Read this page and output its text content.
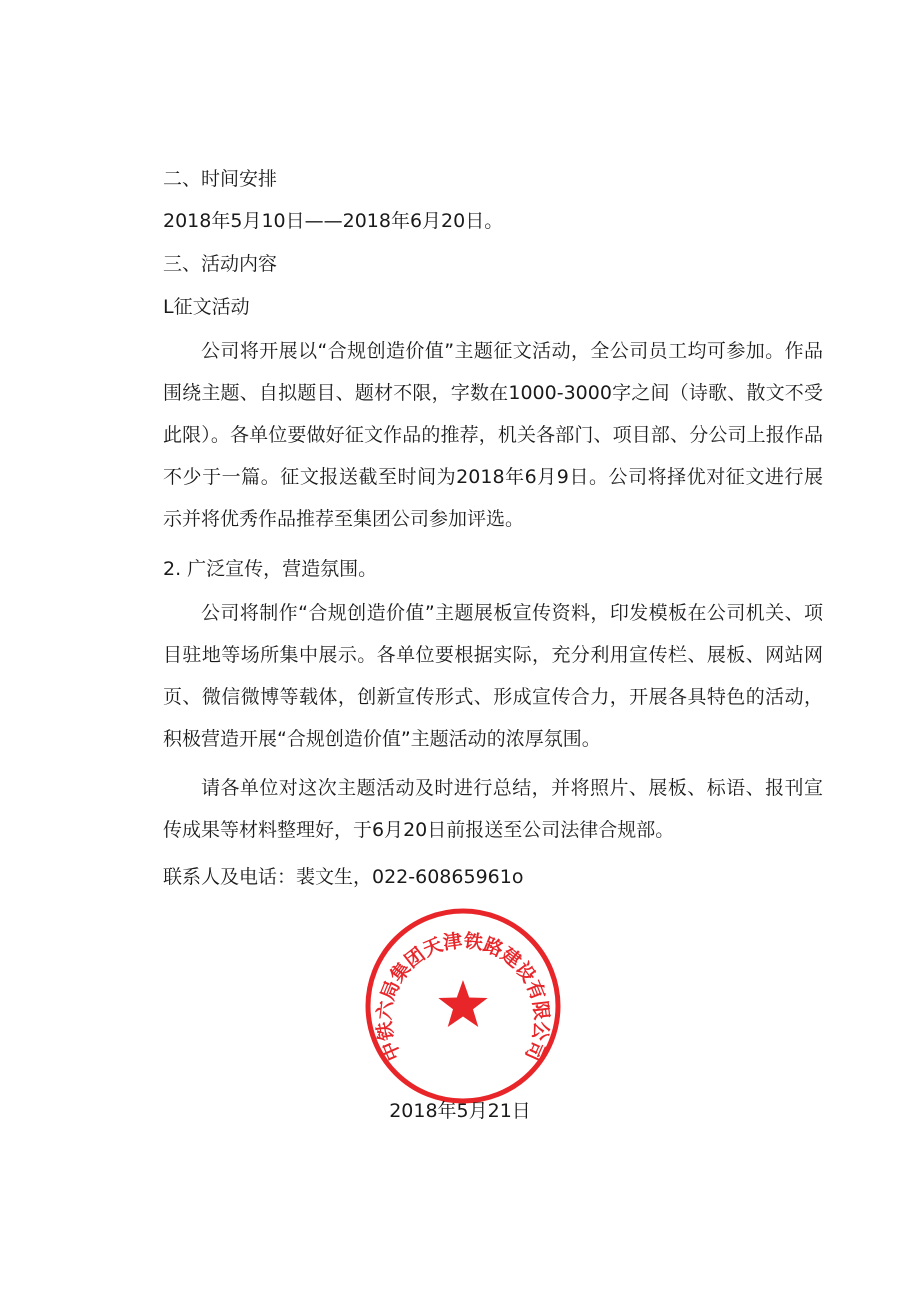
二、时间安排
2018年5月10日——2018年6月20日。
三、活动内容
L征文活动
公司将开展以“合规创造价值”主题征文活动，全公司员工均可参加。作品围绕主题、自拟题目、题材不限，字数在1000-3000字之间（诗歌、散文不受此限）。各单位要做好征文作品的推荐，机关各部门、项目部、分公司上报作品不少于一篇。征文报送截至时间为2018年6月9日。公司将择优对征文进行展示并将优秀作品推荐至集团公司参加评选。
2. 广泛宣传，营造氛围。
公司将制作“合规创造价值”主题展板宣传资料，印发模板在公司机关、项目驻地等场所集中展示。各单位要根据实际，充分利用宣传栏、展板、网站网页、微信微博等载体，创新宣传形式、形成宣传合力，开展各具特色的活动，积极营造开展“合规创造价值”主题活动的浓厚氛围。
请各单位对这次主题活动及时进行总结，并将照片、展板、标语、报刊宣传成果等材料整理好，于6月20日前报送至公司法律合规部。
联系人及电话：裴文生，022-60865961o
中铁六局集团天津铁路建设有限公司
2018年5月21日
